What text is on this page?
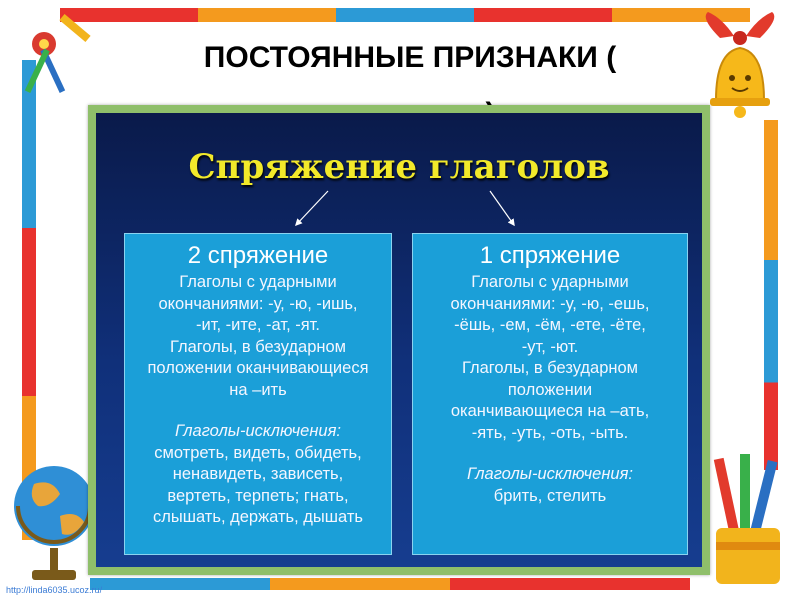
ПОСТОЯННЫЕ ПРИЗНАКИ (
Спряжение глаголов

2 спряжение

Глаголы с ударными

окончаниями: -у, -ю, -ишь,

-ит, -ите, -ат, -ят.

Глаголы, в безударном

положении оканчивающиеся

на –ить

Глаголы-исключения:

смотреть, видеть, обидеть,

ненавидеть, зависеть,

вертеть, терпеть; гнать,

слышать, держать, дышать

1 спряжение

Глаголы с ударными

окончаниями: -у, -ю, -ешь,

-ёшь, -ем, -ём, -ете, -ёте,

-ут, -ют.

Глаголы, в безударном

положении

оканчивающиеся на –ать,

-ять, -уть, -оть, -ыть.

Глаголы-исключения:

брить, стелить

http://linda6035.ucoz.ru/
